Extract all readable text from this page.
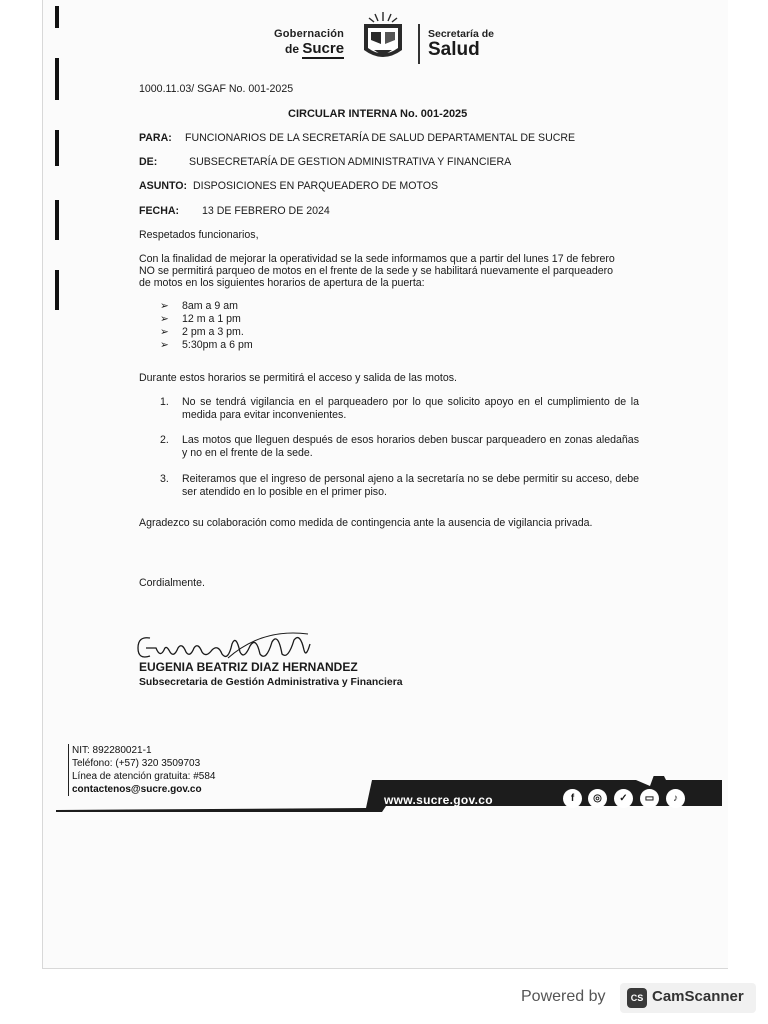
Gobernación
de Sucre
Secretaría de
Salud
1000.11.03/ SGAF No. 001-2025
CIRCULAR INTERNA No. 001-2025
PARA: FUNCIONARIOS DE LA SECRETARÍA DE SALUD DEPARTAMENTAL DE SUCRE
DE:	SUBSECRETARÍA DE GESTION ADMINISTRATIVA Y FINANCIERA
ASUNTO: DISPOSICIONES EN PARQUEADERO DE MOTOS
FECHA: 13 DE FEBRERO DE 2024
Respetados funcionarios,
Con la finalidad de mejorar la operatividad se la sede informamos que a partir del lunes 17 de febrero
NO se permitirá parqueo de motos en el frente de la sede y se habilitará nuevamente el parqueadero
de motos en los siguientes horarios de apertura de la puerta:
➢ 8am a 9 am
➢ 12 m a 1 pm
➢ 2 pm a 3 pm.
➢ 5:30pm a 6 pm
Durante estos horarios se permitirá el acceso y salida de las motos.
1. No se tendrá vigilancia en el parqueadero por lo que solicito apoyo en el cumplimiento de la medida para evitar inconvenientes.
2. Las motos que lleguen después de esos horarios deben buscar parqueadero en zonas aledañas y no en el frente de la sede.
3. Reiteramos que el ingreso de personal ajeno a la secretaría no se debe permitir su acceso, debe ser atendido en lo posible en el primer piso.
Agradezco su colaboración como medida de contingencia ante la ausencia de vigilancia privada.
Cordialmente.
EUGENIA BEATRIZ DIAZ HERNANDEZ
Subsecretaria de Gestión Administrativa y Financiera
NIT: 892280021-1
Teléfono: (+57) 320 3509703
Línea de atención gratuita: #584
contactenos@sucre.gov.co
www.sucre.gov.co	f	◎	✓	▭	♪
Powered by	CS CamScanner
